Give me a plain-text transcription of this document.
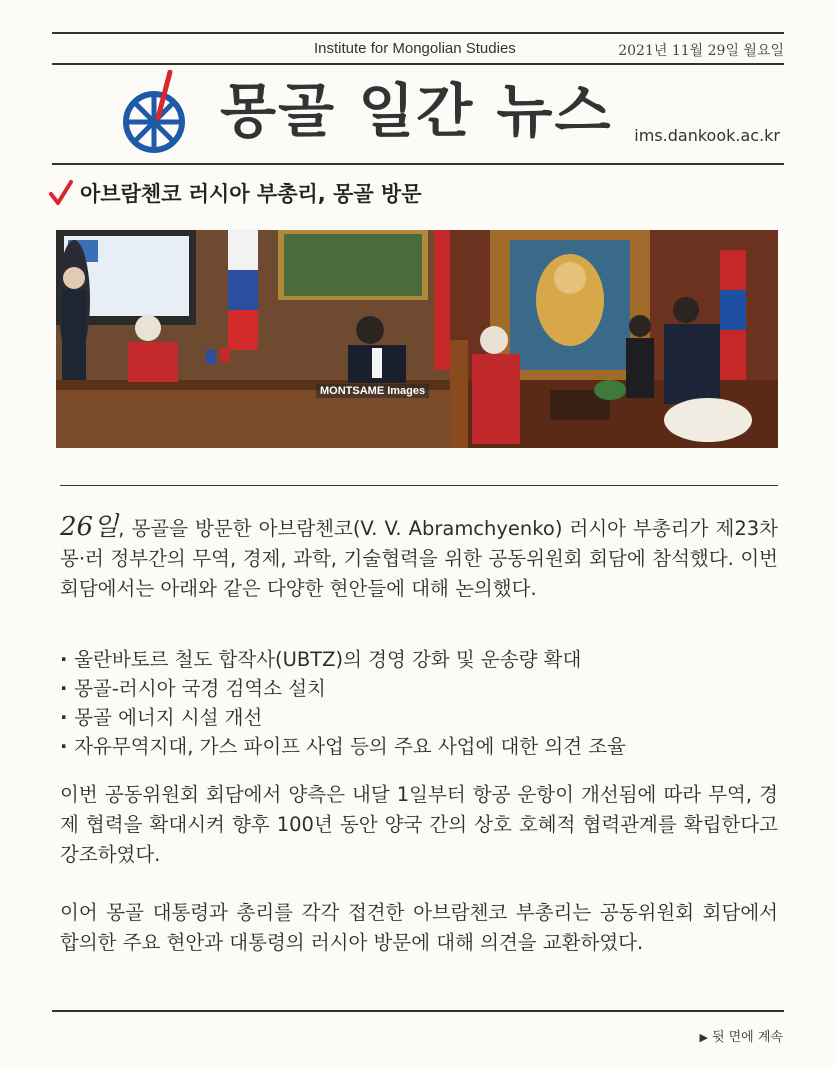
Institute for Mongolian Studies	2021년 11월 29일 월요일
몽골 일간 뉴스 ims.dankook.ac.kr
아브람첸코 러시아 부총리, 몽골 방문
MONTSAME Images
26일, 몽골을 방문한 아브람첸코(V. V. Abramchyenko) 러시아 부총리가 제23차 몽·러 정부간의 무역, 경제, 과학, 기술협력을 위한 공동위원회 회담에 참석했다. 이번 회담에서는 아래와 같은 다양한 현안들에 대해 논의했다.
· 울란바토르 철도 합작사(UBTZ)의 경영 강화 및 운송량 확대
· 몽골-러시아 국경 검역소 설치
· 몽골 에너지 시설 개선
· 자유무역지대, 가스 파이프 사업 등의 주요 사업에 대한 의견 조율
이번 공동위원회 회담에서 양측은 내달 1일부터 항공 운항이 개선됨에 따라 무역, 경제 협력을 확대시켜 향후 100년 동안 양국 간의 상호 호혜적 협력관계를 확립한다고 강조하였다.
이어 몽골 대통령과 총리를 각각 접견한 아브람첸코 부총리는 공동위원회 회담에서 합의한 주요 현안과 대통령의 러시아 방문에 대해 의견을 교환하였다.
▶ 뒷 면에 계속
